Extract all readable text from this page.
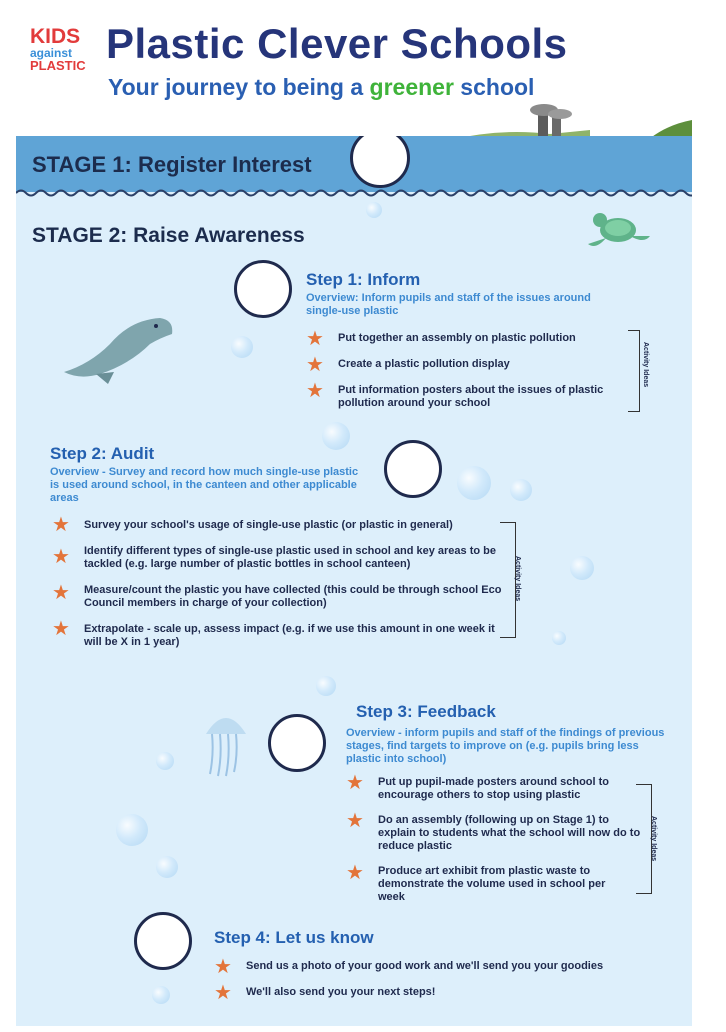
KIDS
against
PLASTIC Plastic Clever Schools
Your journey to being a greener school
STAGE 1: Register Interest
STAGE 2: Raise Awareness
Step 1: Inform
Overview: Inform pupils and staff of the issues around single-use plastic
★ Put together an assembly on plastic pollution
★ Create a plastic pollution display
★ Put information posters about the issues of plastic pollution around your school
Activity Ideas
Step 2: Audit
Overview - Survey and record how much single-use plastic is used around school, in the canteen and other applicable areas
★ Survey your school's usage of single-use plastic (or plastic in general)
★ Identify different types of single-use plastic used in school and key areas to be tackled (e.g. large number of plastic bottles in school canteen)
★ Measure/count the plastic you have collected (this could be through school Eco Council members in charge of your collection)
★ Extrapolate - scale up, assess impact (e.g. if we use this amount in one week it will be X in 1 year)
Activity Ideas
Step 3: Feedback
Overview - inform pupils and staff of the findings of previous stages, find targets to improve on (e.g. pupils bring less plastic into school)
★ Put up pupil-made posters around school to encourage others to stop using plastic
★ Do an assembly (following up on Stage 1) to explain to students what the school will now do to reduce plastic
★ Produce art exhibit from plastic waste to demonstrate the volume used in school per week
Activity Ideas
Step 4: Let us know
★ Send us a photo of your good work and we'll send you your goodies
★ We'll also send you your next steps!
